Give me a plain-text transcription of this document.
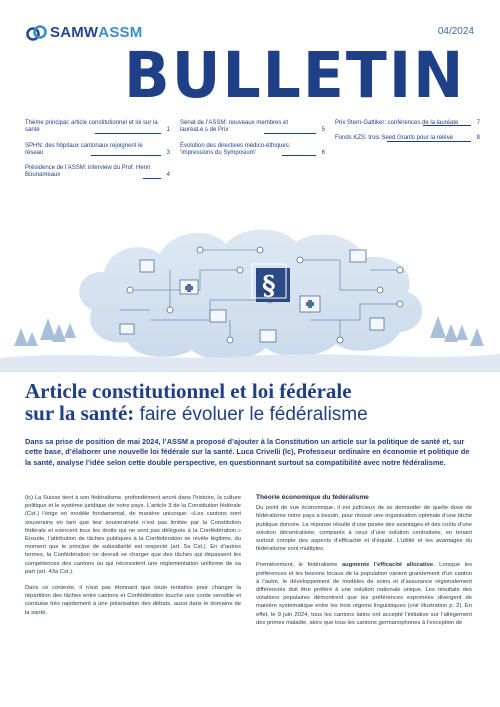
SAMW ASSM	04/2024
BULLETIN
Thème principal: article constitutionnel et loi sur la santé	1
SPHN: des hôpitaux cantonaux rejoignent le réseau	3
Présidence de l’ASSM: interview du Prof. Henri Bounameaux	4
Sénat de l’ASSM: nouveaux membres et lauréat.e.s de Prix	5
Évolution des directives médico-éthiques: ‘impressions du Symposium’	6
Prix Stern-Gattiker: conférences de la lauréate	7
Fonds KZS: trois Seed Grants pour la relève	8
§
Article constitutionnel et loi fédérale
sur la santé: faire évoluer le fédéralisme
Dans sa prise de position de mai 2024, l’ASSM a proposé d’ajouter à la Constitution un article sur la politique de santé et, sur cette base, d’élaborer une nouvelle loi fédérale sur la santé. Luca Crivelli (lc), Professeur ordinaire en économie et politique de la santé, analyse l’idée selon cette double perspective, en questionnant surtout sa compatibilité avec notre fédéralisme.

(lc) La Suisse tient à son fédéralisme, profondément ancré dans l’histoire, la culture politique et le système juridique de notre pays. L’article 3 de la Constitution fédérale (Cst.) l’érige en modèle fondamental, de manière univoque: «Les cantons sont souverains en tant que leur souveraineté n’est pas limitée par la Constitution fédérale et exercent tous les droits qui ne sont pas délégués à la Confédération.» Ensuite, l’attribution de tâches publiques à la Confédération se révèle légitime, du moment que le principe de subsidiarité est respecté (art. 5a Cst.). En d’autres termes, la Confédération ne devrait se charger que des tâches qui dépassent les compétences des cantons ou qui nécessitent une réglementation uniforme de sa part (art. 43a Cst.).

Dans ce contexte, il n’est pas étonnant que toute tentative pour changer la répartition des tâches entre cantons et Confédération touche une corde sensible et conduise très rapidement à une polarisation des débats, aussi dans le domaine de la santé.

Théorie économique du fédéralisme

Du point de vue économique, il est judicieux de se demander de quelle dose de fédéralisme notre pays a besoin, pour réussir une organisation optimale d’une tâche publique donnée. La réponse résulte d’une pesée des avantages et des coûts d’une solution décentralisée, comparés à ceux d’une solution centralisée, en tenant surtout compte des aspects d’efficacité et d’équité. L’utilité et les avantages du fédéralisme sont multiples.

Premièrement, le fédéralisme augmente l’efficacité allocative. Lorsque les préférences et les besoins locaux de la population varient grandement d’un canton à l’autre, le développement de modèles de soins et d’assurance régionalement différenciés doit être préféré à une solution nationale unique. Les résultats des votations populaires démontrent que les préférences exprimées divergent de manière systématique entre les trois régions linguistiques (voir illustration p. 2). En effet, le 9 juin 2024, tous les cantons latins ont accepté l’initiative sur l’allègement des primes maladie, alors que tous les cantons germanophones à l’exception de
